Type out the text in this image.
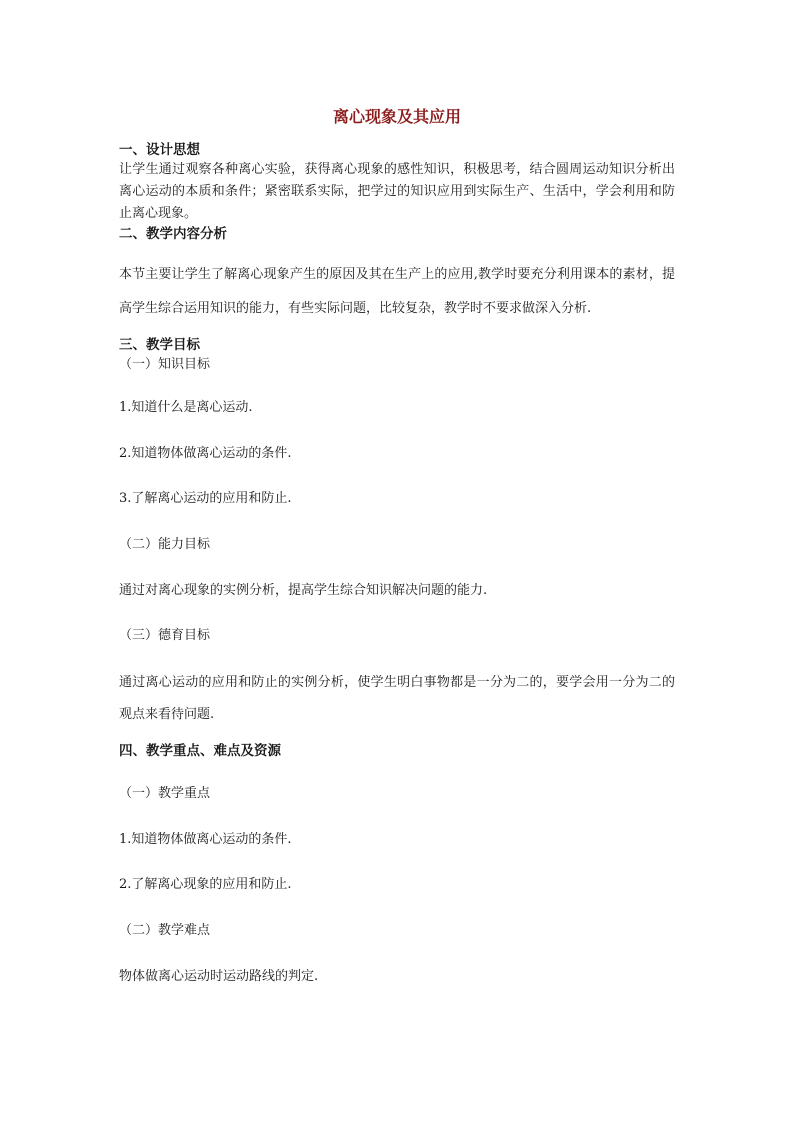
离心现象及其应用
一、设计思想
让学生通过观察各种离心实验，获得离心现象的感性知识，积极思考，结合圆周运动知识分析出离心运动的本质和条件；紧密联系实际，把学过的知识应用到实际生产、生活中，学会利用和防止离心现象。
二、教学内容分析
本节主要让学生了解离心现象产生的原因及其在生产上的应用,教学时要充分利用课本的素材，提高学生综合运用知识的能力，有些实际问题，比较复杂，教学时不要求做深入分析.
三、教学目标
（一）知识目标
1.知道什么是离心运动.
2.知道物体做离心运动的条件.
3.了解离心运动的应用和防止.
（二）能力目标
通过对离心现象的实例分析，提高学生综合知识解决问题的能力.
（三）德育目标
通过离心运动的应用和防止的实例分析，使学生明白事物都是一分为二的，要学会用一分为二的观点来看待问题.
四、教学重点、难点及资源
（一）教学重点
1.知道物体做离心运动的条件.
2.了解离心现象的应用和防止.
（二）教学难点
物体做离心运动时运动路线的判定.
